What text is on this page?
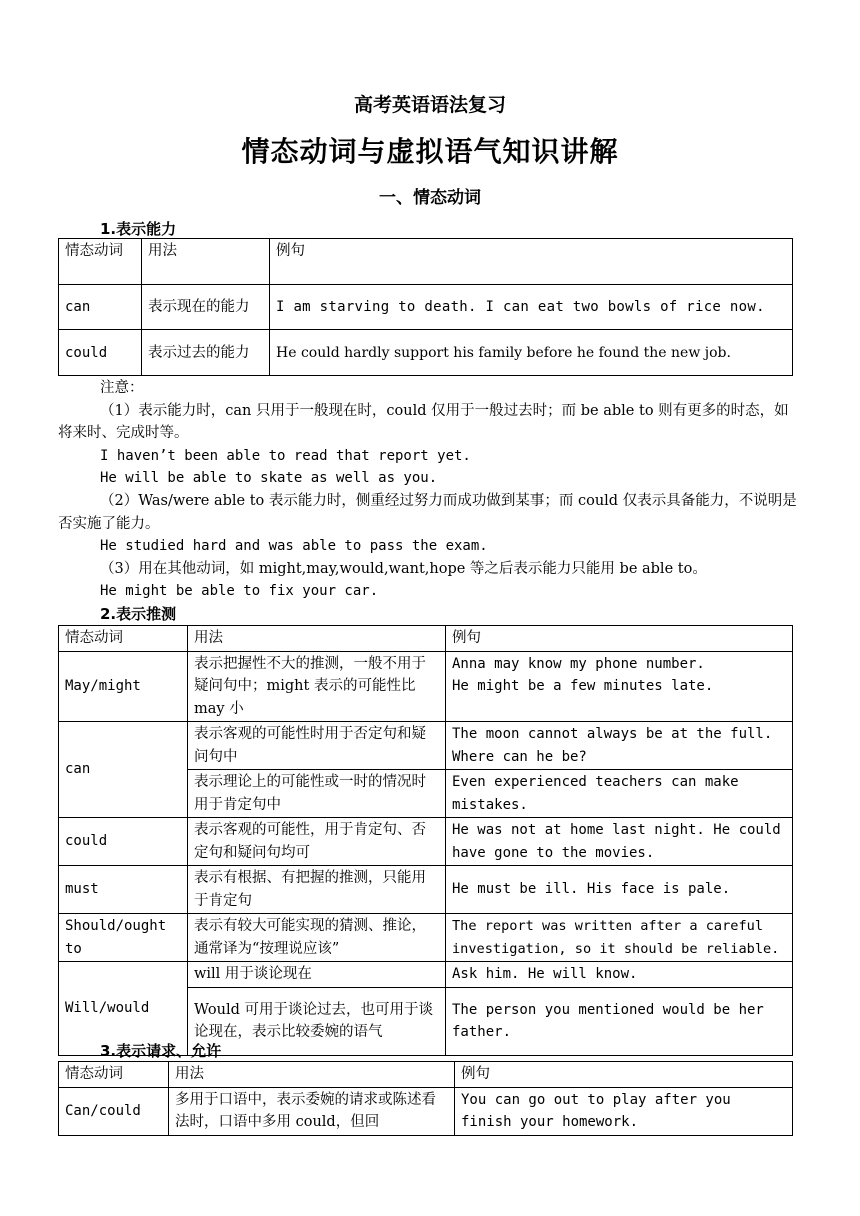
高考英语语法复习
情态动词与虚拟语气知识讲解
一、情态动词
1.表示能力
情态动词	用法	例句
can	表示现在的能力	I am starving to death. I can eat two bowls of rice now.
could	表示过去的能力	He could hardly support his family before he found the new job.

注意：

（1）表示能力时，can 只用于一般现在时，could 仅用于一般过去时；而 be able to 则有更多的时态，如将来时、完成时等。

I haven’t been able to read that report yet.

He will be able to skate as well as you.

（2）Was/were able to 表示能力时，侧重经过努力而成功做到某事；而 could 仅表示具备能力，不说明是否实施了能力。

He studied hard and was able to pass the exam.

（3）用在其他动词，如 might,may,would,want,hope 等之后表示能力只能用 be able to。

He might be able to fix your car.

2.表示推测
情态动词	用法	例句
May/might	表示把握性不大的推测，一般不用于疑问句中；might 表示的可能性比 may 小	Anna may know my phone number.
He might be a few minutes late.

can	表示客观的可能性时用于否定句和疑问句中	The moon cannot always be at the full.
Where can he be?

	表示理论上的可能性或一时的情况时用于肯定句中	Even experienced teachers can make mistakes.
could	表示客观的可能性，用于肯定句、否定句和疑问句均可	He was not at home last night. He could have gone to the movies.
must	表示有根据、有把握的推测，只能用于肯定句	He must be ill. His face is pale.
Should/ought to	表示有较大可能实现的猜测、推论，通常译为“按理说应该”	The report was written after a careful investigation, so it should be reliable.
Will/would	will 用于谈论现在	Ask him. He will know.
	Would 可用于谈论过去，也可用于谈论现在，表示比较委婉的语气	The person you mentioned would be her father.
3.表示请求、允许
情态动词	用法	例句
Can/could	多用于口语中，表示委婉的请求或陈述看法时，口语中多用 could，但回	You can go out to play after you finish your homework.
